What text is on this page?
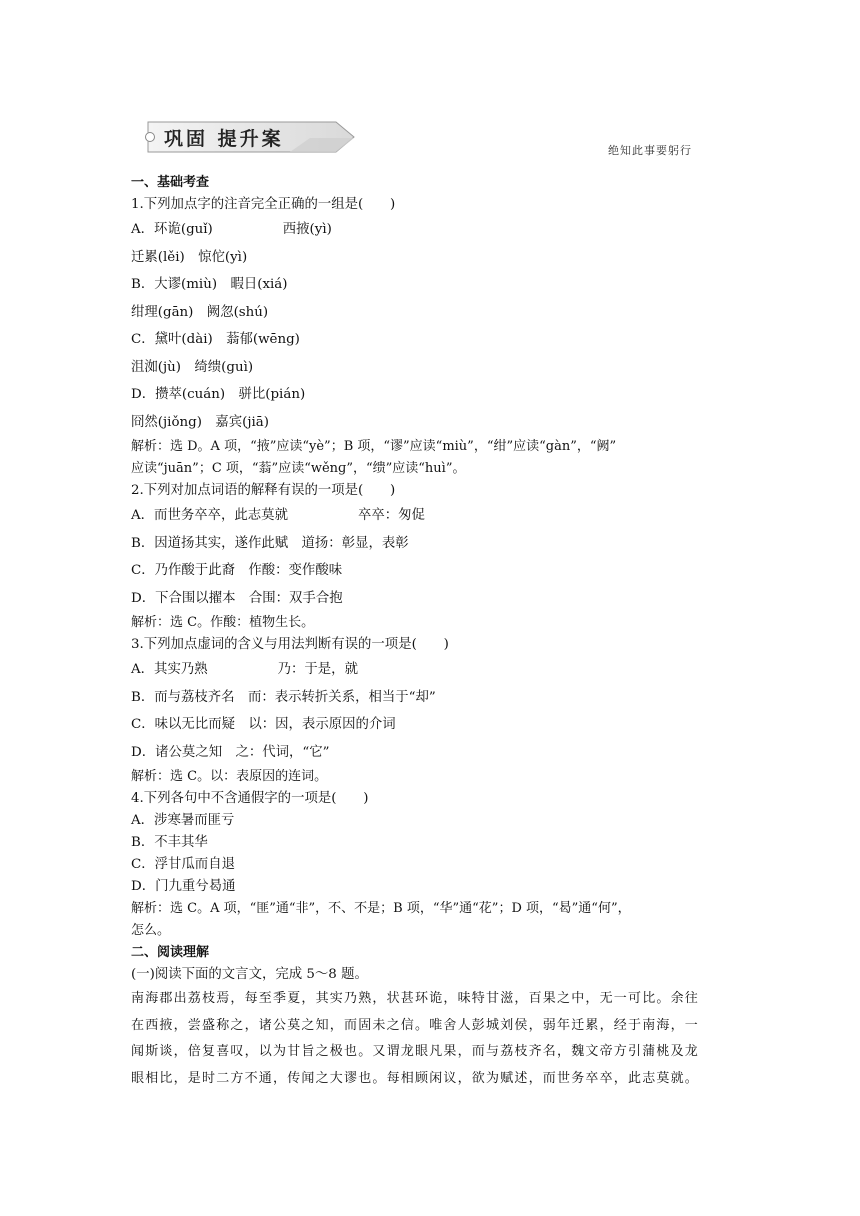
巩固 提升案
绝知此事要躬行
一、基础考查
1.下列加点字的注音完全正确的一组是(　　)
A．环诡(guǐ)	西掖(yì)
迁累(lěi)　惊佗(yì)
B．大谬(miù)　暇日(xiá)
绀理(gān)　阙忽(shú)
C．黛叶(dài)　蓊郁(wēng)
沮洳(jù)　绮缋(guì)
D．攒萃(cuán)　骈比(pián)
冏然(jiǒng)　嘉宾(jiā)
解析：选 D。A 项，“掖”应读“yè”；B 项，“谬”应读“miù”，“绀”应读“gàn”，“阙”
应读“juān”；C 项，“蓊”应读“wěnɡ”，“缋”应读“huì”。
2.下列对加点词语的解释有误的一项是(　　)
A．而世务卒卒，此志莫就	卒卒：匆促
B．因道扬其实，遂作此赋　道扬：彰显，表彰
C．乃作酸于此裔　作酸：变作酸味
D．下合围以擢本　合围：双手合抱
解析：选 C。作酸：植物生长。
3.下列加点虚词的含义与用法判断有误的一项是(　　)
A．其实乃熟	乃：于是，就
B．而与荔枝齐名　而：表示转折关系，相当于“却”
C．味以无比而疑　以：因，表示原因的介词
D．诸公莫之知　之：代词，“它”
解析：选 C。以：表原因的连词。
4.下列各句中不含通假字的一项是(　　)
A．涉寒暑而匪亏
B．不丰其华
C．浮甘瓜而自退
D．门九重兮曷通
解析：选 C。A 项，“匪”通“非”，不、不是；B 项，“华”通“花”；D 项，“曷”通“何”，
怎么。
二、阅读理解
(一)阅读下面的文言文，完成 5～8 题。
南海郡出荔枝焉，每至季夏，其实乃熟，状甚环诡，味特甘滋，百果之中，无一可比。余往
在西掖，尝盛称之，诸公莫之知，而固未之信。唯舍人彭城刘侯，弱年迁累，经于南海，一
闻斯谈，倍复喜叹，以为甘旨之极也。又谓龙眼凡果，而与荔枝齐名，魏文帝方引蒲桃及龙
眼相比，是时二方不通，传闻之大谬也。每相顾闲议，欲为赋述，而世务卒卒，此志莫就。
